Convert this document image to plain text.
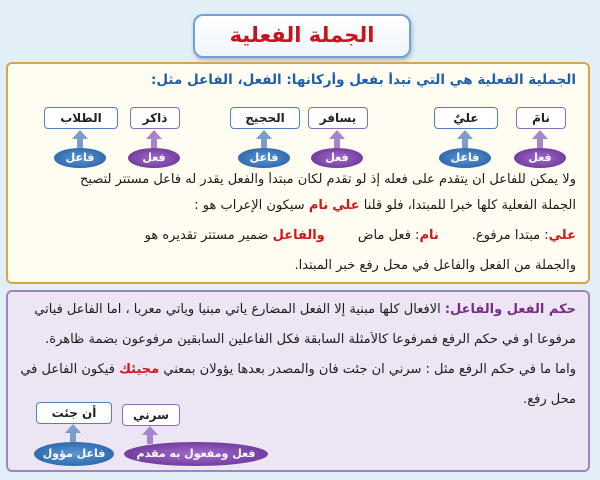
الجملة الفعلية
الجملية الفعلية هي التي تبدأ بفعل وأركانها: الفعل، الفاعل مثل:
نامَ
عليٌ
يسافر
الحجيج
ذاكر
الطلاب
فعل
فاعل
فعل
فاعل
فعل
فاعل
ولا يمكن للفاعل ان يتقدم على فعله إذ لو تقدم لكان مبتدأ والفعل يقدر له فاعل مستتر لتصبح
الجملة الفعلية كلها خبرا للمبتدا، فلو قلنا علي نام سيكون الإعراب هو :
علي: مبتدا مرفوع.        نام: فعل ماضٍ        والفاعل ضمير مستتر تقديره هو
والجملة من الفعل والفاعل في محل رفع خبر المبتدا.
حكم الفعل والفاعل: الافعال كلها مبنية إلا الفعل المضارع يأتي مبنيا ويأتي معربا ، اما الفاعل فيأتي
مرفوعا او في حكم الرفع فمرفوعا كالأمثلة السابقة فكل الفاعلين السابقين مرفوعون بضمة ظاهرة.
واما ما في حكم الرفع مثل : سرني ان جئت فان والمصدر بعدها يؤولان بمعني مجيئك فيكون الفاعل في
محل رفع.
سرني
أن جئت
فعل ومفعول به مقدم
فاعل مؤول
